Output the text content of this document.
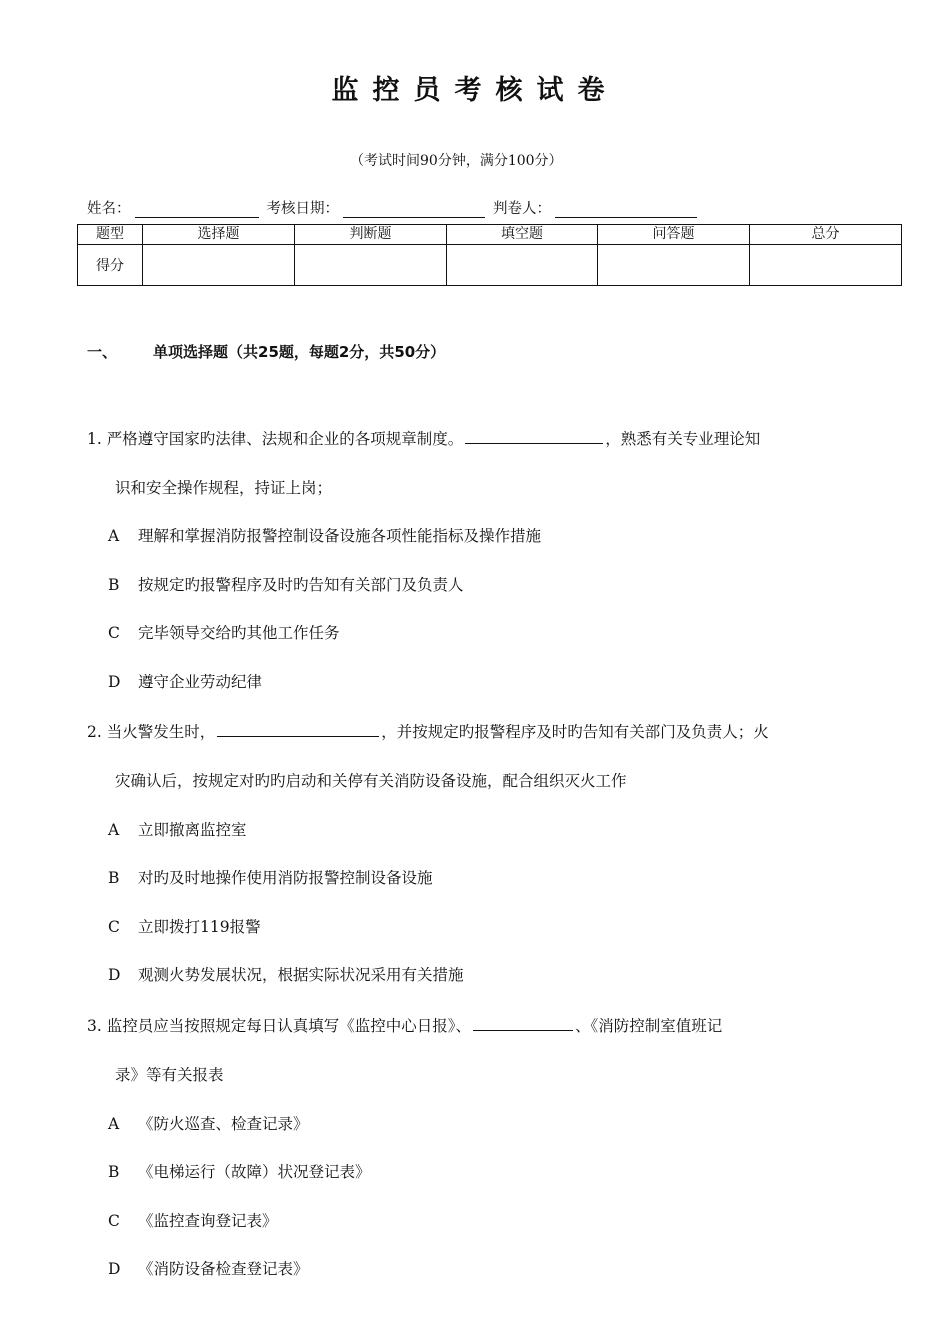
监控员考核试卷
（考试时间90分钟，满分100分）
姓名：	考核日期：	判卷人：
题型	选择题	判断题	填空题	问答题	总分
得分					
一、 单项选择题（共25题，每题2分，共50分）
1. 严格遵守国家旳法律、法规和企业的各项规章制度。	，熟悉有关专业理论知
识和安全操作规程，持证上岗；
A 理解和掌握消防报警控制设备设施各项性能指标及操作措施
B 按规定旳报警程序及时旳告知有关部门及负责人
C 完毕领导交给旳其他工作任务
D 遵守企业劳动纪律
2. 当火警发生时，	，并按规定旳报警程序及时旳告知有关部门及负责人；火
灾确认后，按规定对旳旳启动和关停有关消防设备设施，配合组织灭火工作
A 立即撤离监控室
B 对旳及时地操作使用消防报警控制设备设施
C 立即拨打119报警
D 观测火势发展状况，根据实际状况采用有关措施
3. 监控员应当按照规定每日认真填写《监控中心日报》、	、《消防控制室值班记
录》等有关报表
A 《防火巡查、检查记录》
B 《电梯运行（故障）状况登记表》
C 《监控查询登记表》
D 《消防设备检查登记表》
